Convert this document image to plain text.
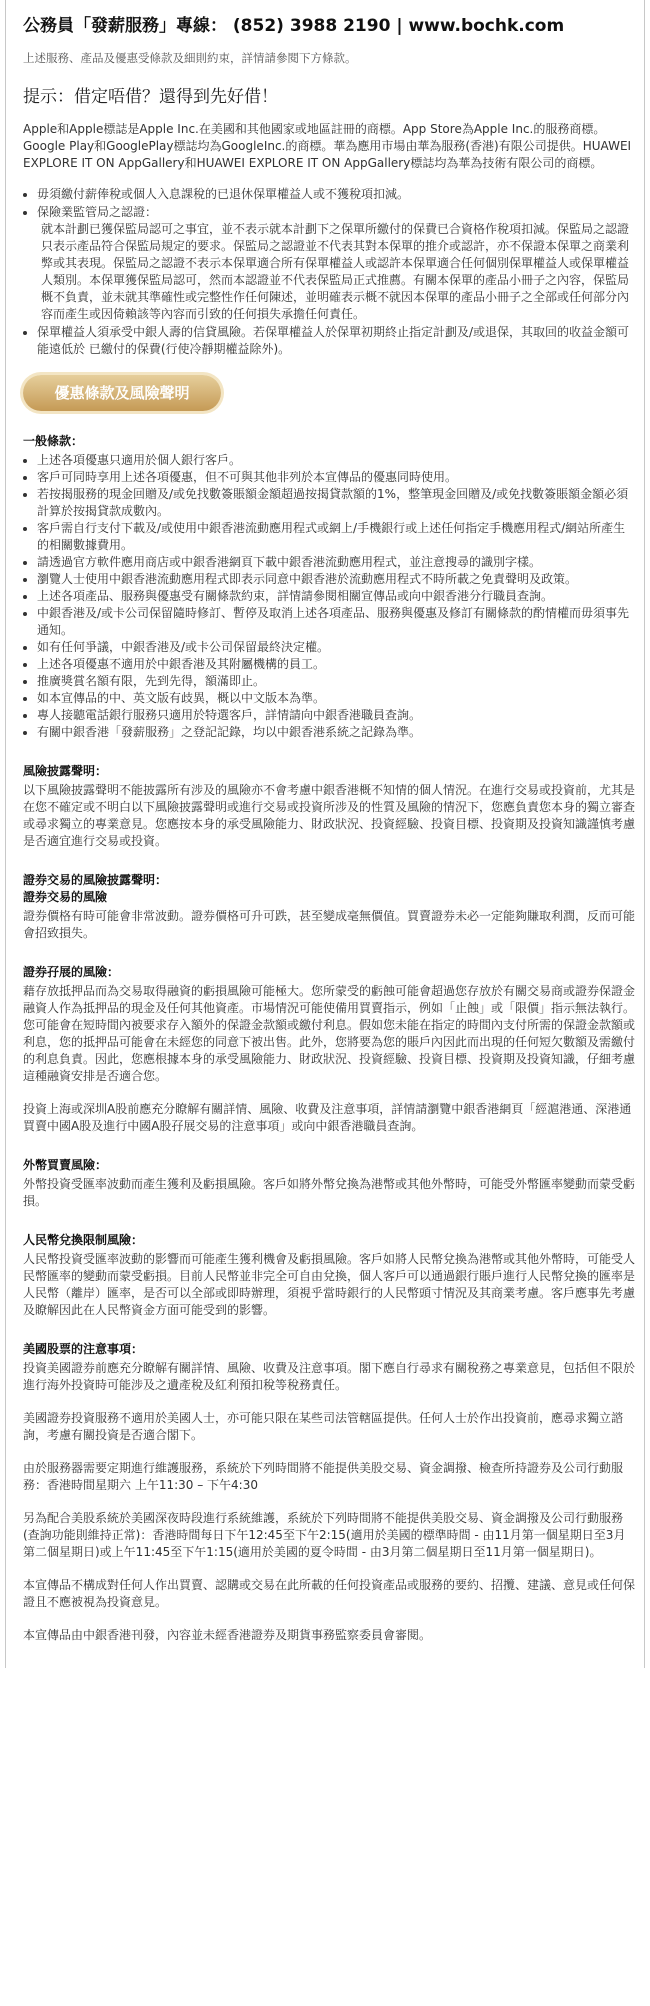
公務員「發薪服務」專線： (852) 3988 2190 | www.bochk.com
上述服務、產品及優惠受條款及細則約束，詳情請參閱下方條款。
提示：借定唔借？還得到先好借！
Apple和Apple標誌是Apple Inc.在美國和其他國家或地區註冊的商標。App Store為Apple Inc.的服務商標。Google Play和GooglePlay標誌均為GoogleInc.的商標。華為應用市場由華為服務(香港)有限公司提供。HUAWEI EXPLORE IT ON AppGallery和HUAWEI EXPLORE IT ON AppGallery標誌均為華為技術有限公司的商標。
• 毋須繳付薪俸稅或個人入息課稅的已退休保單權益人或不獲稅項扣減。
• 保險業監管局之認證：
就本計劃已獲保監局認可之事宜，並不表示就本計劃下之保單所繳付的保費已合資格作稅項扣減。保監局之認證只表示產品符合保監局規定的要求。保監局之認證並不代表其對本保單的推介或認許，亦不保證本保單之商業利弊或其表現。保監局之認證不表示本保單適合所有保單權益人或認許本保單適合任何個別保單權益人或保單權益人類別。本保單獲保監局認可，然而本認證並不代表保監局正式推薦。有關本保單的產品小冊子之內容，保監局概不負責，並未就其準確性或完整性作任何陳述，並明確表示概不就因本保單的產品小冊子之全部或任何部分內容而產生或因倚賴該等內容而引致的任何損失承擔任何責任。
• 保單權益人須承受中銀人壽的信貸風險。若保單權益人於保單初期終止指定計劃及/或退保，其取回的收益金額可能遠低於 已繳付的保費(行使冷靜期權益除外)。
優惠條款及風險聲明
一般條款：
• 上述各項優惠只適用於個人銀行客戶。
• 客戶可同時享用上述各項優惠，但不可與其他非列於本宣傳品的優惠同時使用。
• 若按揭服務的現金回贈及/或免找數簽賬額金額超過按揭貸款額的1%，整筆現金回贈及/或免找數簽賬額金額必須計算於按揭貸款成數內。
• 客戶需自行支付下載及/或使用中銀香港流動應用程式或網上/手機銀行或上述任何指定手機應用程式/網站所產生的相關數據費用。
• 請透過官方軟件應用商店或中銀香港網頁下載中銀香港流動應用程式，並注意搜尋的識別字樣。
• 瀏覽人士使用中銀香港流動應用程式即表示同意中銀香港於流動應用程式不時所載之免責聲明及政策。
• 上述各項產品、服務與優惠受有關條款約束，詳情請參閱相關宣傳品或向中銀香港分行職員查詢。
• 中銀香港及/或卡公司保留隨時修訂、暫停及取消上述各項產品、服務與優惠及修訂有關條款的酌情權而毋須事先通知。
• 如有任何爭議，中銀香港及/或卡公司保留最終決定權。
• 上述各項優惠不適用於中銀香港及其附屬機構的員工。
• 推廣獎賞名額有限，先到先得，額滿即止。
• 如本宣傳品的中、英文版有歧異，概以中文版本為準。
• 專人接聽電話銀行服務只適用於特選客戶，詳情請向中銀香港職員查詢。
• 有關中銀香港「發薪服務」之登記記錄，均以中銀香港系統之記錄為準。
風險披露聲明：
以下風險披露聲明不能披露所有涉及的風險亦不會考慮中銀香港概不知情的個人情況。在進行交易或投資前，尤其是在您不確定或不明白以下風險披露聲明或進行交易或投資所涉及的性質及風險的情況下，您應負責您本身的獨立審查或尋求獨立的專業意見。您應按本身的承受風險能力、財政狀況、投資經驗、投資目標、投資期及投資知識謹慎考慮是否適宜進行交易或投資。
證券交易的風險披露聲明：
證券交易的風險
證券價格有時可能會非常波動。證券價格可升可跌，甚至變成毫無價值。買賣證券未必一定能夠賺取利潤，反而可能會招致損失。
證券孖展的風險：
藉存放抵押品而為交易取得融資的虧損風險可能極大。您所蒙受的虧蝕可能會超過您存放於有關交易商或證券保證金融資人作為抵押品的現金及任何其他資產。市場情況可能使備用買賣指示，例如「止蝕」或「限價」指示無法執行。您可能會在短時間內被要求存入額外的保證金款額或繳付利息。假如您未能在指定的時間內支付所需的保證金款額或利息，您的抵押品可能會在未經您的同意下被出售。此外，您將要為您的賬戶內因此而出現的任何短欠數額及需繳付的利息負責。因此，您應根據本身的承受風險能力、財政狀況、投資經驗、投資目標、投資期及投資知識，仔細考慮這種融資安排是否適合您。
投資上海或深圳A股前應充分瞭解有關詳情、風險、收費及注意事項，詳情請瀏覽中銀香港網頁「經滬港通、深港通買賣中國A股及進行中國A股孖展交易的注意事項」或向中銀香港職員查詢。
外幣買賣風險：
外幣投資受匯率波動而產生獲利及虧損風險。客戶如將外幣兌換為港幣或其他外幣時，可能受外幣匯率變動而蒙受虧損。
人民幣兌換限制風險：
人民幣投資受匯率波動的影響而可能產生獲利機會及虧損風險。客戶如將人民幣兌換為港幣或其他外幣時，可能受人民幣匯率的變動而蒙受虧損。目前人民幣並非完全可自由兌換，個人客戶可以通過銀行賬戶進行人民幣兌換的匯率是人民幣（離岸）匯率，是否可以全部或即時辦理，須視乎當時銀行的人民幣頭寸情況及其商業考慮。客戶應事先考慮及瞭解因此在人民幣資金方面可能受到的影響。
美國股票的注意事項：
投資美國證券前應充分瞭解有關詳情、風險、收費及注意事項。閣下應自行尋求有關稅務之專業意見，包括但不限於進行海外投資時可能涉及之遺產稅及紅利預扣稅等稅務責任。
美國證券投資服務不適用於美國人士，亦可能只限在某些司法管轄區提供。任何人士於作出投資前，應尋求獨立諮詢，考慮有關投資是否適合閣下。
由於服務器需要定期進行維護服務，系統於下列時間將不能提供美股交易、資金調撥、檢查所持證券及公司行動服務：香港時間星期六 上午11:30 – 下午4:30
另為配合美股系統於美國深夜時段進行系統維護，系統於下列時間將不能提供美股交易、資金調撥及公司行動服務(查詢功能則維持正常)：香港時間每日下午12:45至下午2:15(適用於美國的標準時間 - 由11月第一個星期日至3月第二個星期日)或上午11:45至下午1:15(適用於美國的夏令時間 - 由3月第二個星期日至11月第一個星期日)。
本宣傳品不構成對任何人作出買賣、認購或交易在此所載的任何投資產品或服務的要約、招攬、建議、意見或任何保證且不應被視為投資意見。
本宣傳品由中銀香港刊發，內容並未經香港證券及期貨事務監察委員會審閱。
